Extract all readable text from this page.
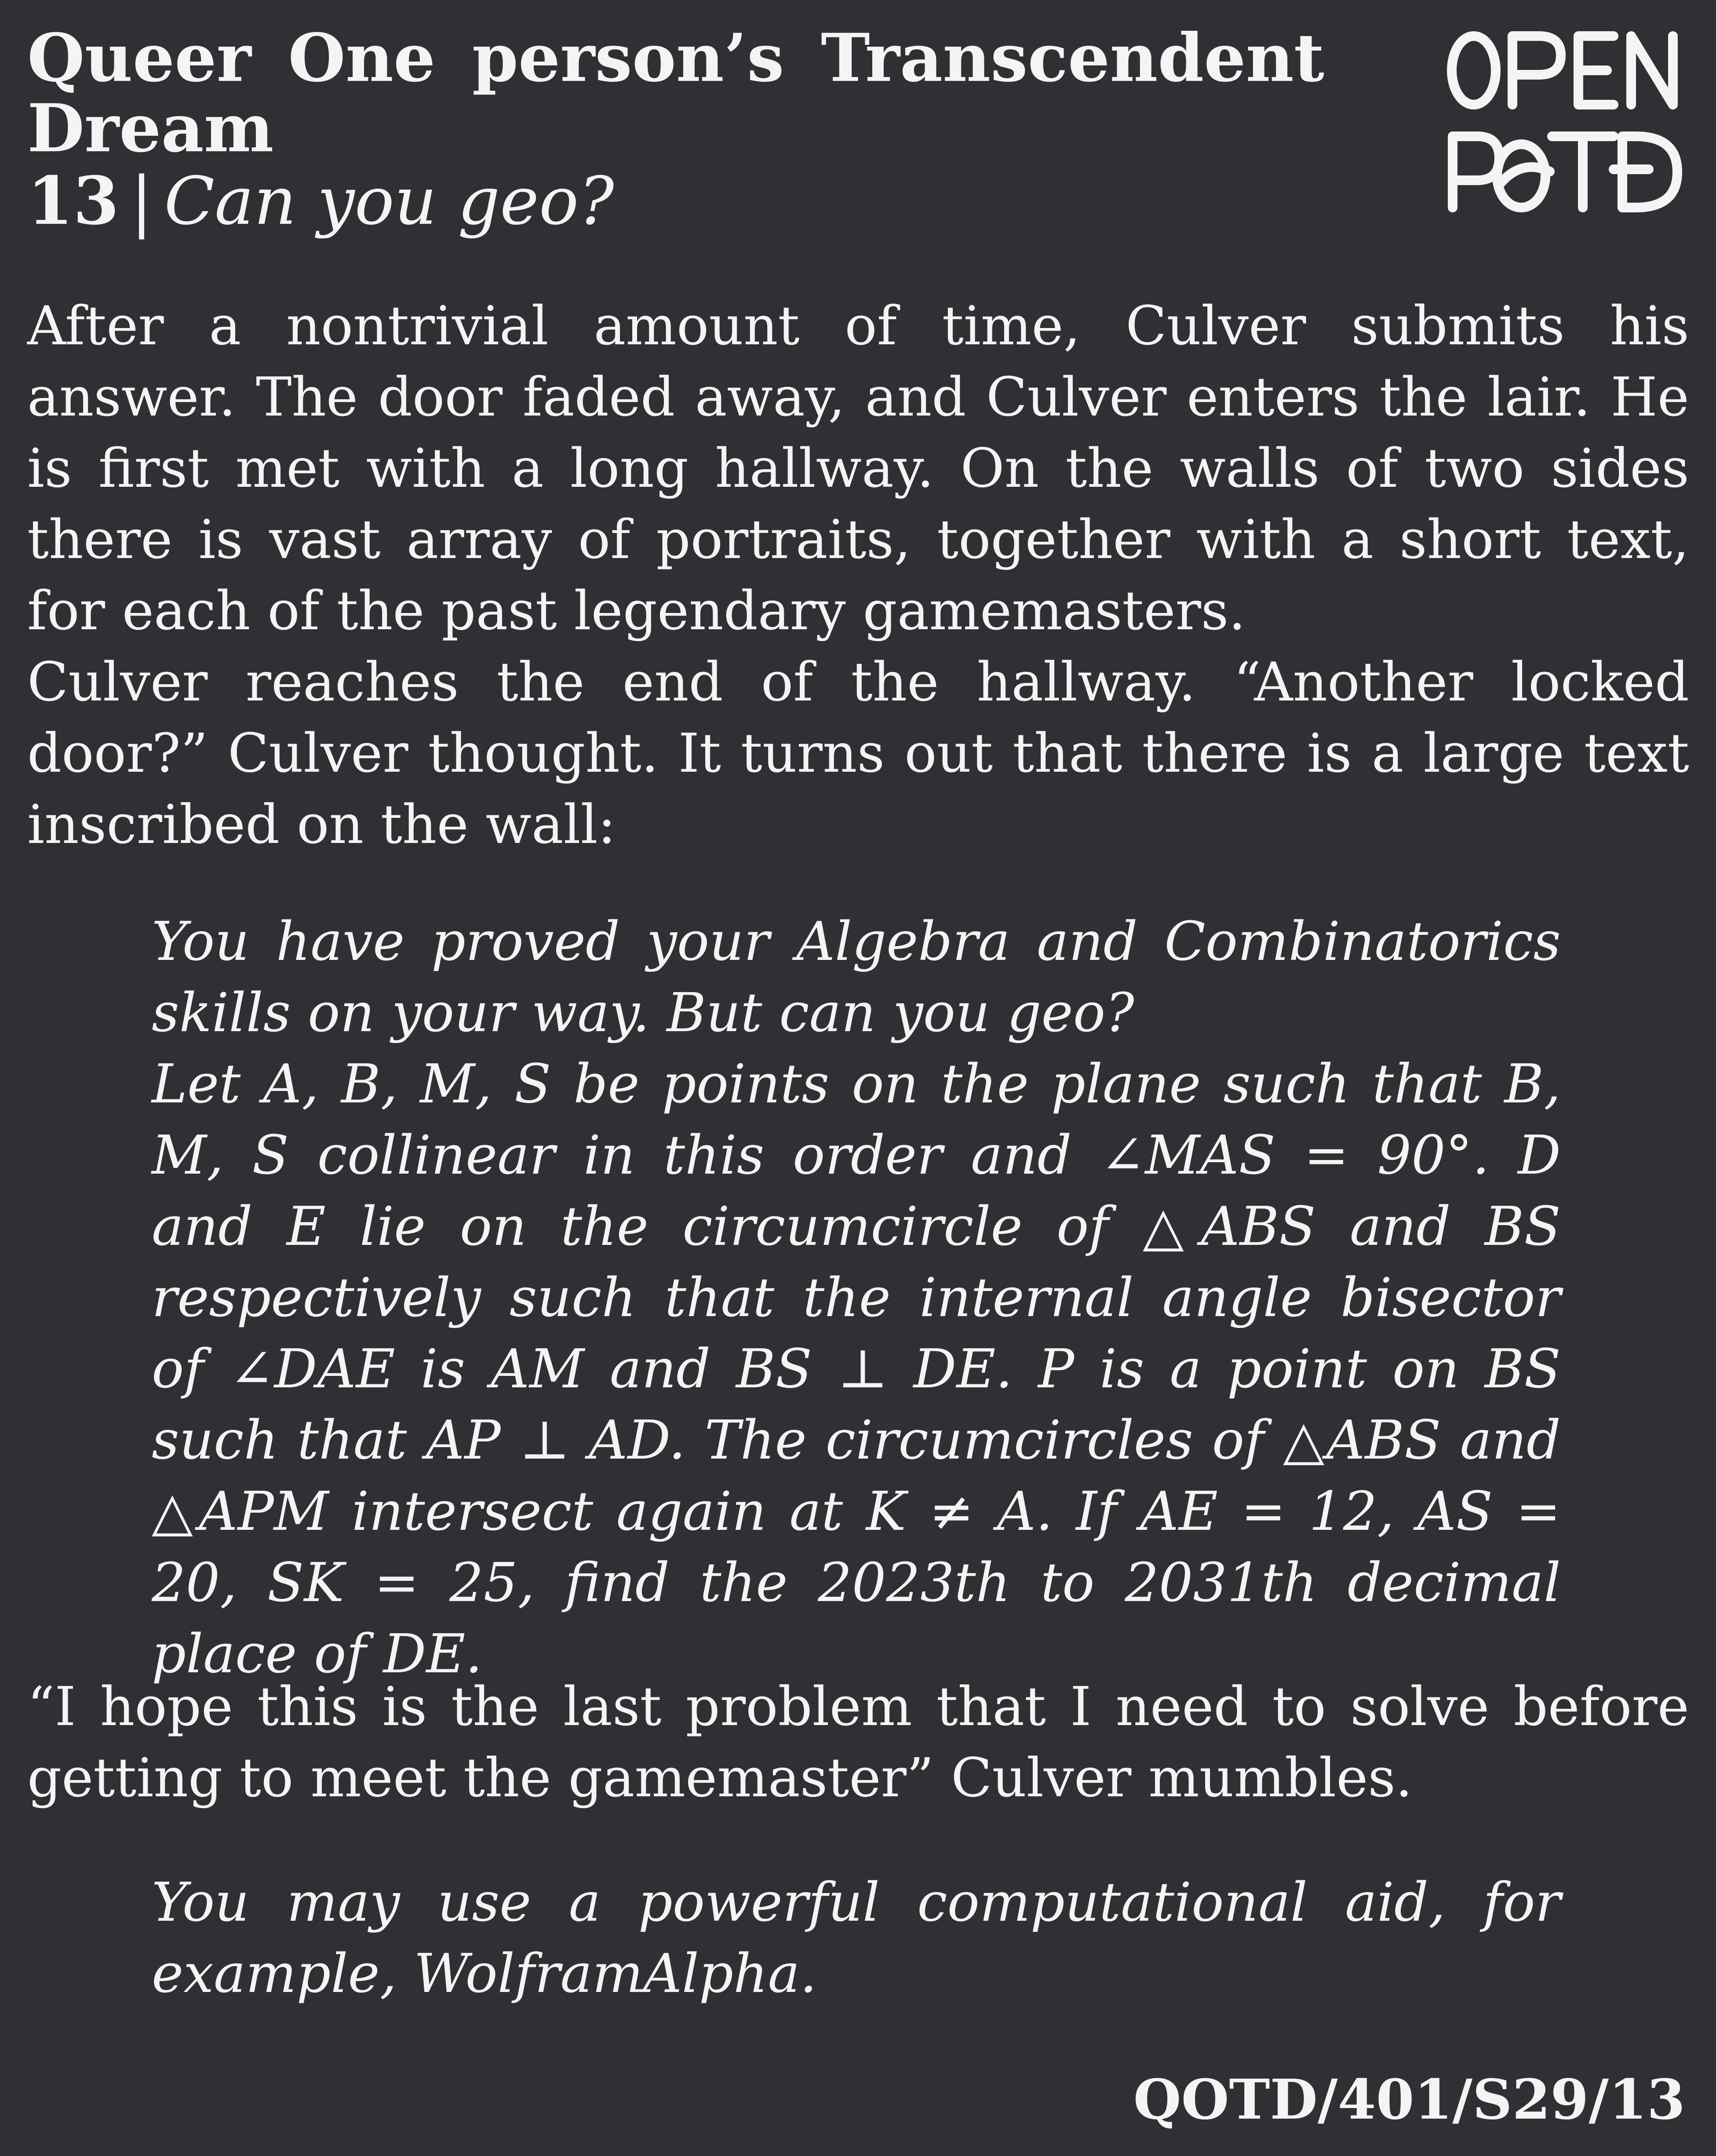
Queer One person’s Transcendent Dream
13 | Can you geo?

After a nontrivial amount of time, Culver submits his answer. The door faded away, and Culver enters the lair. He is first met with a long hallway. On the walls of two sides there is vast array of portraits, together with a short text, for each of the past legendary gamemasters.

Culver reaches the end of the hallway. “Another locked door?” Culver thought. It turns out that there is a large text inscribed on the wall:

You have proved your Algebra and Combinatorics skills on your way. But can you geo?

Let A, B, M, S be points on the plane such that B, M, S collinear in this order and ∠MAS = 90°. D and E lie on the circumcircle of △ABS and BS respectively such that the internal angle bisector of ∠DAE is AM and BS ⊥ DE. P is a point on BS such that AP ⊥ AD. The circumcircles of △ABS and △APM intersect again at K ≠ A. If AE = 12, AS = 20, SK = 25, find the 2023th to 2031th decimal place of DE.

“I hope this is the last problem that I need to solve before getting to meet the gamemaster” Culver mumbles.

You may use a powerful computational aid, for example, WolframAlpha.

QOTD/401/S29/13
